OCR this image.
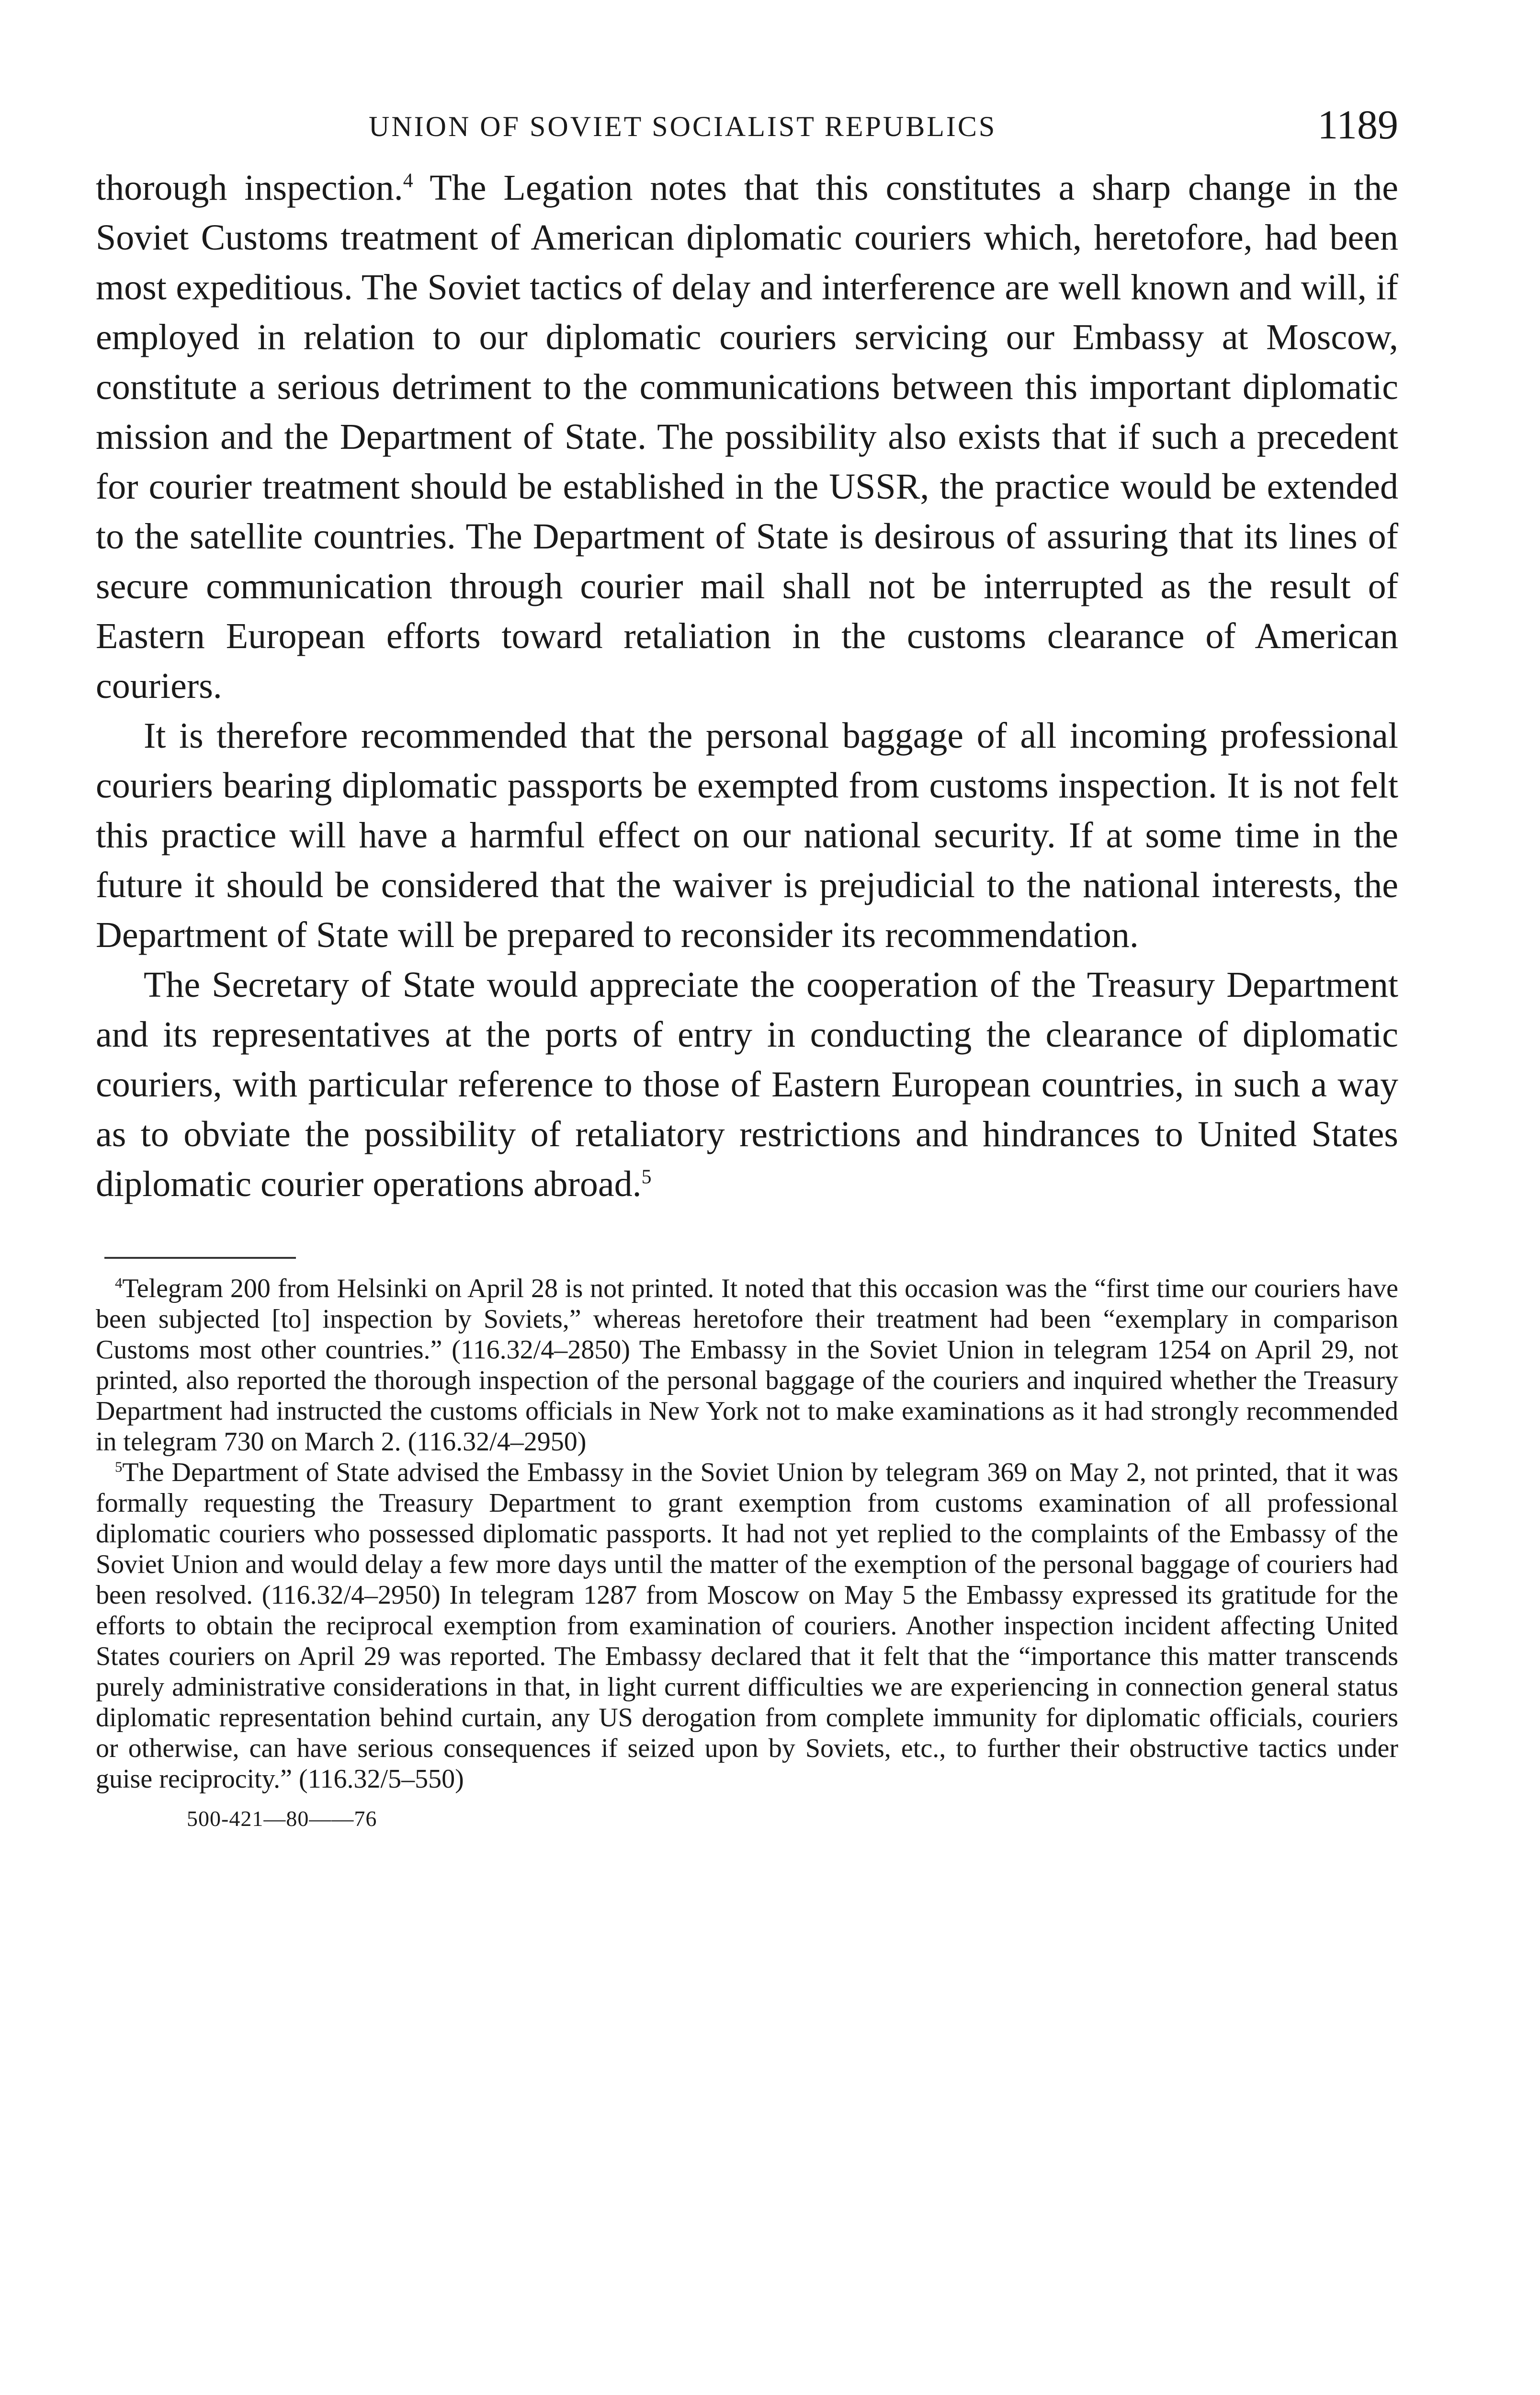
UNION OF SOVIET SOCIALIST REPUBLICS	1189

thorough inspection.$^4$ The Legation notes that this constitutes a sharp change in the Soviet Customs treatment of American diplomatic couriers which, heretofore, had been most expeditious. The Soviet tactics of delay and interference are well known and will, if employed in relation to our diplomatic couriers servicing our Embassy at Moscow, constitute a serious detriment to the communications between this important diplomatic mission and the Department of State. The possibility also exists that if such a precedent for courier treatment should be established in the USSR, the practice would be extended to the satellite countries. The Department of State is desirous of assuring that its lines of secure communication through courier mail shall not be interrupted as the result of Eastern European efforts toward retaliation in the customs clearance of American couriers.

It is therefore recommended that the personal baggage of all incoming professional couriers bearing diplomatic passports be exempted from customs inspection. It is not felt this practice will have a harmful effect on our national security. If at some time in the future it should be considered that the waiver is prejudicial to the national interests, the Department of State will be prepared to reconsider its recommendation.

The Secretary of State would appreciate the cooperation of the Treasury Department and its representatives at the ports of entry in conducting the clearance of diplomatic couriers, with particular reference to those of Eastern European countries, in such a way as to obviate the possibility of retaliatory restrictions and hindrances to United States diplomatic courier operations abroad.$^5$

$^4$Telegram 200 from Helsinki on April 28 is not printed. It noted that this occasion was the “first time our couriers have been subjected [to] inspection by Soviets,” whereas heretofore their treatment had been “exemplary in comparison Customs most other countries.” (116.32/4–2850) The Embassy in the Soviet Union in telegram 1254 on April 29, not printed, also reported the thorough inspection of the personal baggage of the couriers and inquired whether the Treasury Department had instructed the customs officials in New York not to make examinations as it had strongly recommended in telegram 730 on March 2. (116.32/4–2950)

$^5$The Department of State advised the Embassy in the Soviet Union by telegram 369 on May 2, not printed, that it was formally requesting the Treasury Department to grant exemption from customs examination of all professional diplomatic couriers who possessed diplomatic passports. It had not yet replied to the complaints of the Embassy of the Soviet Union and would delay a few more days until the matter of the exemption of the personal baggage of couriers had been resolved. (116.32/4–2950) In telegram 1287 from Moscow on May 5 the Embassy expressed its gratitude for the efforts to obtain the reciprocal exemption from examination of couriers. Another inspection incident affecting United States couriers on April 29 was reported. The Embassy declared that it felt that the “importance this matter transcends purely administrative considerations in that, in light current difficulties we are experiencing in connection general status diplomatic representation behind curtain, any US derogation from complete immunity for diplomatic officials, couriers or otherwise, can have serious consequences if seized upon by Soviets, etc., to further their obstructive tactics under guise reciprocity.” (116.32/5–550)

500-421—80——76
